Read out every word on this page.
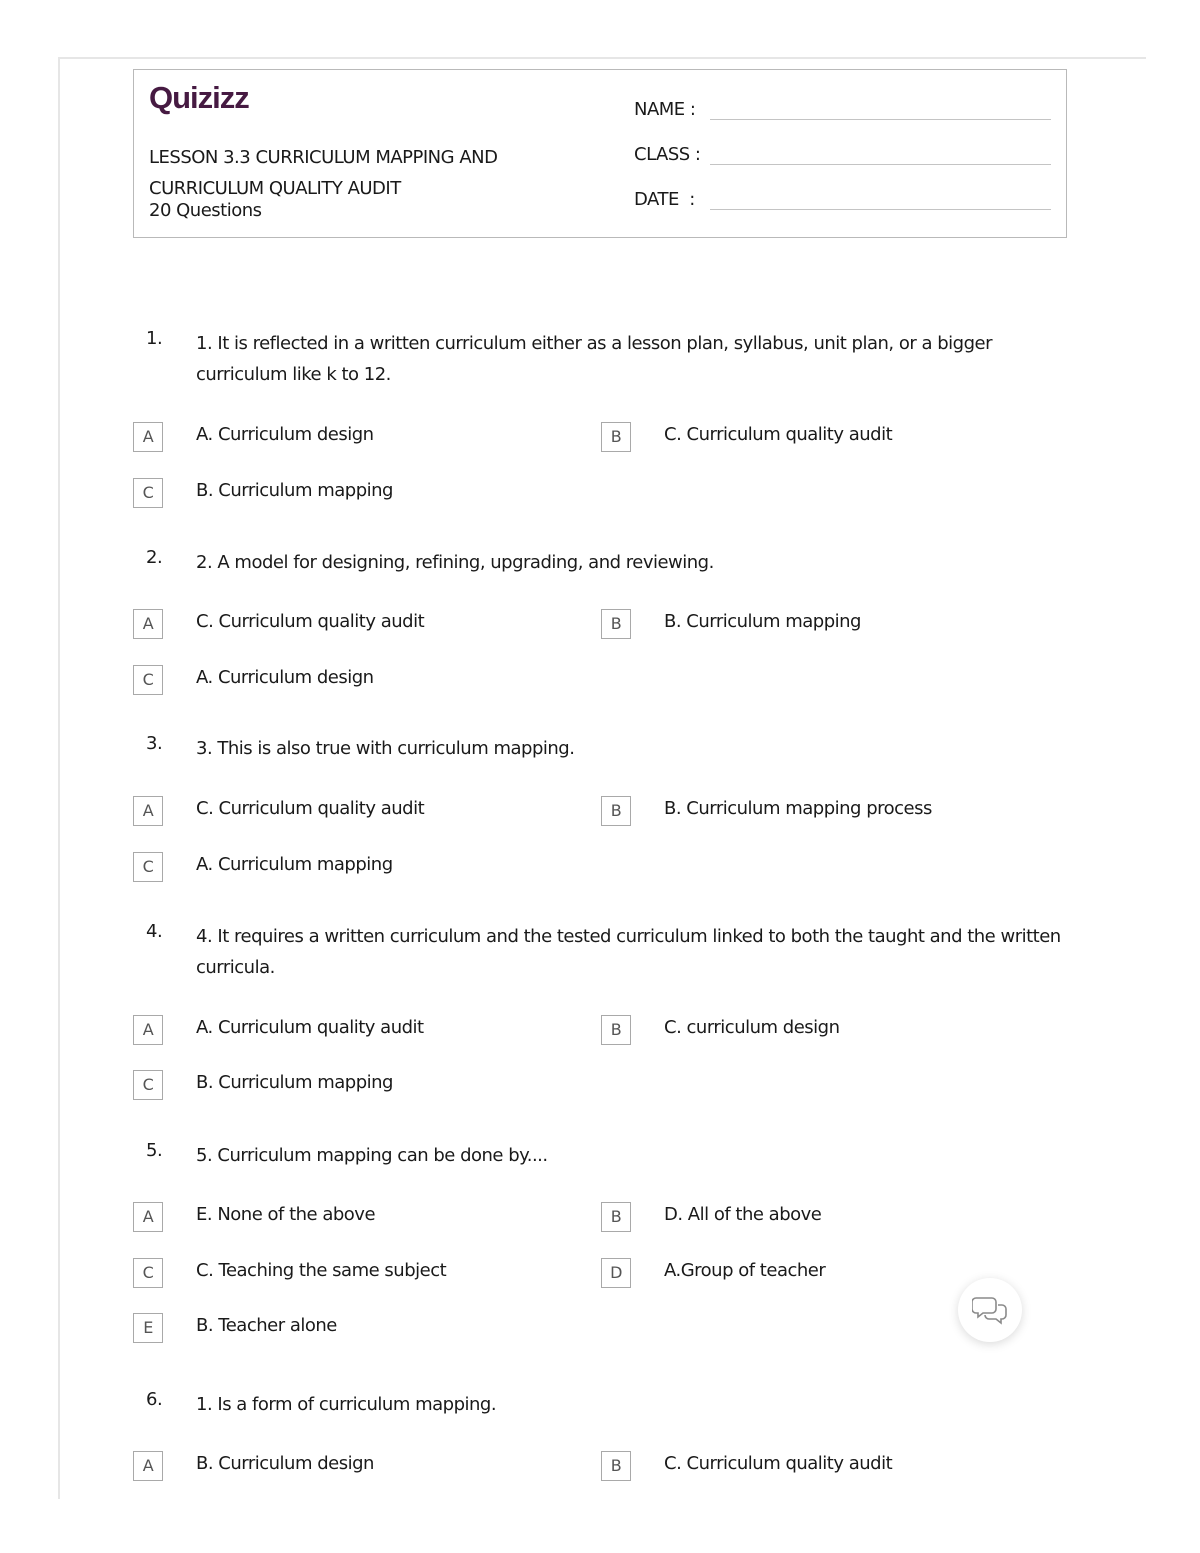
Quizizz
LESSON 3.3 CURRICULUM MAPPING AND CURRICULUM QUALITY AUDIT
20 Questions
NAME :
CLASS :
DATE  :
1. 1. It is reflected in a written curriculum either as a lesson plan, syllabus, unit plan, or a bigger curriculum like k to 12.
A	A. Curriculum design	B	C. Curriculum quality audit
C	B. Curriculum mapping
2. 2. A model for designing, refining, upgrading, and reviewing.
A	C. Curriculum quality audit	B	B. Curriculum mapping
C	A. Curriculum design
3. 3. This is also true with curriculum mapping.
A	C. Curriculum quality audit	B	B. Curriculum mapping process
C	A. Curriculum mapping
4. 4. It requires a written curriculum and the tested curriculum linked to both the taught and the written curricula.
A	A. Curriculum quality audit	B	C. curriculum design
C	B. Curriculum mapping
5. 5. Curriculum mapping can be done by....
A	E. None of the above	B	D. All of the above
C	C. Teaching the same subject	D	A.Group of teacher
E	B. Teacher alone
6. 1. Is a form of curriculum mapping.
A	B. Curriculum design	B	C. Curriculum quality audit
